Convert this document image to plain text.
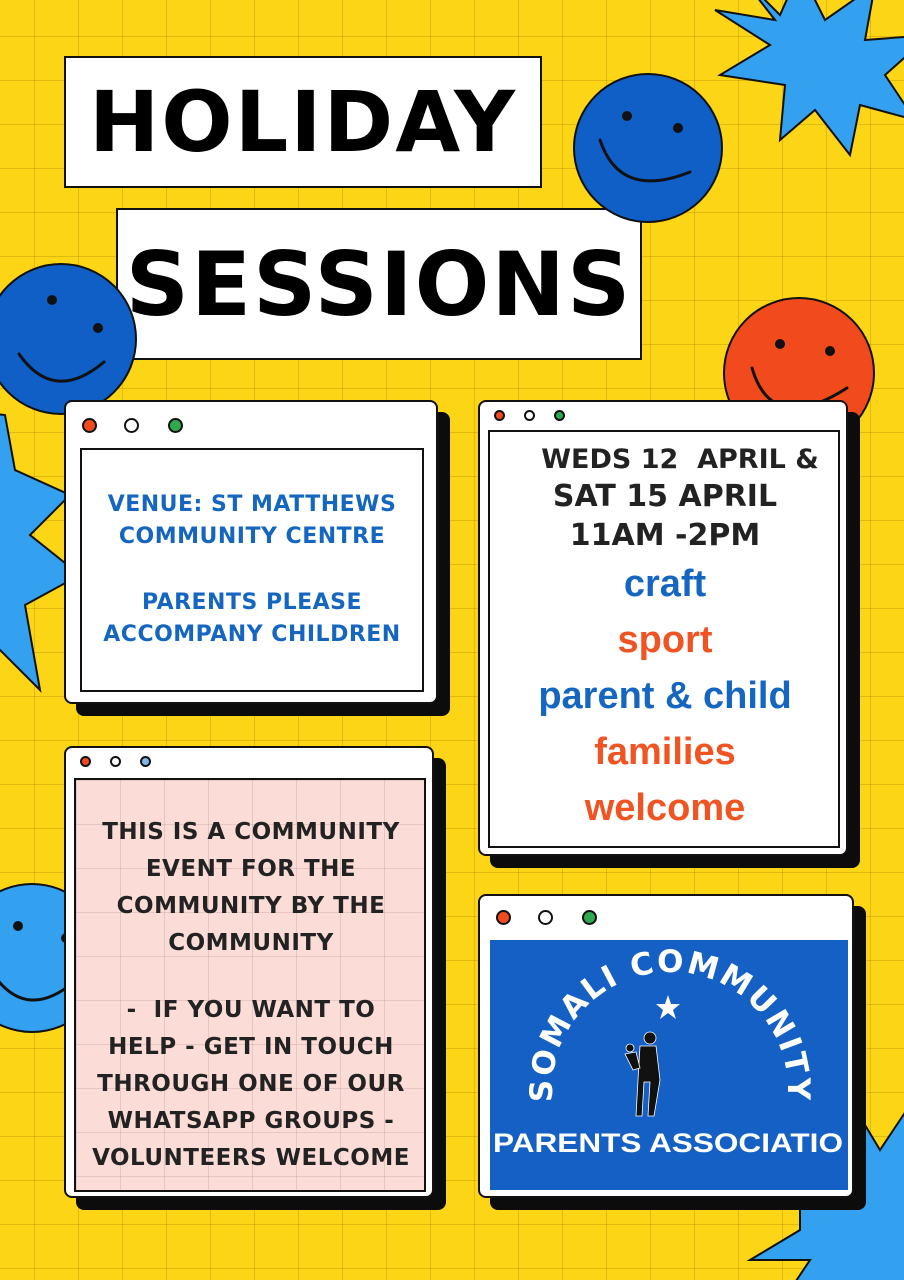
HOLIDAY
SESSIONS
VENUE: ST MATTHEWS
COMMUNITY CENTRE
PARENTS PLEASE
ACCOMPANY CHILDREN
WEDS 12  APRIL &
SAT 15 APRIL
11AM -2PM
craft
sport
parent & child
families
welcome
THIS IS A COMMUNITY
EVENT FOR THE
COMMUNITY BY THE
COMMUNITY
-  IF YOU WANT TO
HELP - GET IN TOUCH
THROUGH ONE OF OUR
WHATSAPP GROUPS -
VOLUNTEERS WELCOME
SOMALI COMMUNITY
PARENTS ASSOCIATIO
